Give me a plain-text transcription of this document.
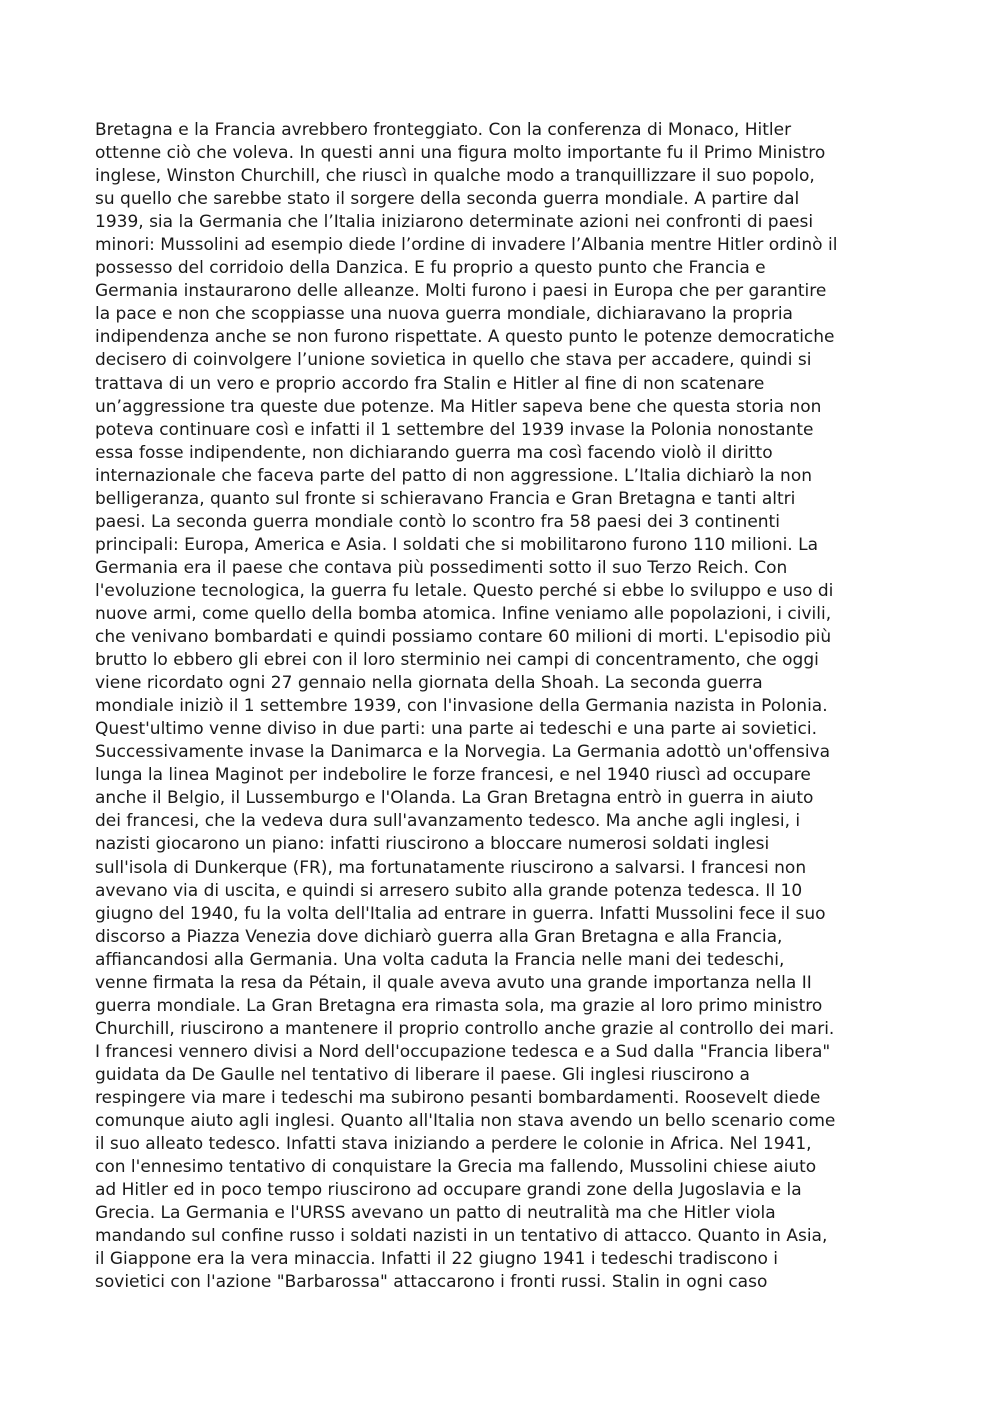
Bretagna e la Francia avrebbero fronteggiato. Con la conferenza di Monaco, Hitler
ottenne ciò che voleva. In questi anni una figura molto importante fu il Primo Ministro
inglese, Winston Churchill, che riuscì in qualche modo a tranquillizzare il suo popolo,
su quello che sarebbe stato il sorgere della seconda guerra mondiale. A partire dal
1939, sia la Germania che l’Italia iniziarono determinate azioni nei confronti di paesi
minori: Mussolini ad esempio diede l’ordine di invadere l’Albania mentre Hitler ordinò il
possesso del corridoio della Danzica. E fu proprio a questo punto che Francia e
Germania instaurarono delle alleanze. Molti furono i paesi in Europa che per garantire
la pace e non che scoppiasse una nuova guerra mondiale, dichiaravano la propria
indipendenza anche se non furono rispettate. A questo punto le potenze democratiche
decisero di coinvolgere l’unione sovietica in quello che stava per accadere, quindi si
trattava di un vero e proprio accordo fra Stalin e Hitler al fine di non scatenare
un’aggressione tra queste due potenze. Ma Hitler sapeva bene che questa storia non
poteva continuare così e infatti il 1 settembre del 1939 invase la Polonia nonostante
essa fosse indipendente, non dichiarando guerra ma così facendo violò il diritto
internazionale che faceva parte del patto di non aggressione. L’Italia dichiarò la non
belligeranza, quanto sul fronte si schieravano Francia e Gran Bretagna e tanti altri
paesi. La seconda guerra mondiale contò lo scontro fra 58 paesi dei 3 continenti
principali: Europa, America e Asia. I soldati che si mobilitarono furono 110 milioni. La
Germania era il paese che contava più possedimenti sotto il suo Terzo Reich. Con
l'evoluzione tecnologica, la guerra fu letale. Questo perché si ebbe lo sviluppo e uso di
nuove armi, come quello della bomba atomica. Infine veniamo alle popolazioni, i civili,
che venivano bombardati e quindi possiamo contare 60 milioni di morti. L'episodio più
brutto lo ebbero gli ebrei con il loro sterminio nei campi di concentramento, che oggi
viene ricordato ogni 27 gennaio nella giornata della Shoah. La seconda guerra
mondiale iniziò il 1 settembre 1939, con l'invasione della Germania nazista in Polonia.
Quest'ultimo venne diviso in due parti: una parte ai tedeschi e una parte ai sovietici.
Successivamente invase la Danimarca e la Norvegia. La Germania adottò un'offensiva
lunga la linea Maginot per indebolire le forze francesi, e nel 1940 riuscì ad occupare
anche il Belgio, il Lussemburgo e l'Olanda. La Gran Bretagna entrò in guerra in aiuto
dei francesi, che la vedeva dura sull'avanzamento tedesco. Ma anche agli inglesi, i
nazisti giocarono un piano: infatti riuscirono a bloccare numerosi soldati inglesi
sull'isola di Dunkerque (FR), ma fortunatamente riuscirono a salvarsi. I francesi non
avevano via di uscita, e quindi si arresero subito alla grande potenza tedesca. Il 10
giugno del 1940, fu la volta dell'Italia ad entrare in guerra. Infatti Mussolini fece il suo
discorso a Piazza Venezia dove dichiarò guerra alla Gran Bretagna e alla Francia,
affiancandosi alla Germania. Una volta caduta la Francia nelle mani dei tedeschi,
venne firmata la resa da Pétain, il quale aveva avuto una grande importanza nella II
guerra mondiale. La Gran Bretagna era rimasta sola, ma grazie al loro primo ministro
Churchill, riuscirono a mantenere il proprio controllo anche grazie al controllo dei mari.
I francesi vennero divisi a Nord dell'occupazione tedesca e a Sud dalla "Francia libera"
guidata da De Gaulle nel tentativo di liberare il paese. Gli inglesi riuscirono a
respingere via mare i tedeschi ma subirono pesanti bombardamenti. Roosevelt diede
comunque aiuto agli inglesi. Quanto all'Italia non stava avendo un bello scenario come
il suo alleato tedesco. Infatti stava iniziando a perdere le colonie in Africa. Nel 1941,
con l'ennesimo tentativo di conquistare la Grecia ma fallendo, Mussolini chiese aiuto
ad Hitler ed in poco tempo riuscirono ad occupare grandi zone della Jugoslavia e la
Grecia. La Germania e l'URSS avevano un patto di neutralità ma che Hitler viola
mandando sul confine russo i soldati nazisti in un tentativo di attacco. Quanto in Asia,
il Giappone era la vera minaccia. Infatti il 22 giugno 1941 i tedeschi tradiscono i
sovietici con l'azione "Barbarossa" attaccarono i fronti russi. Stalin in ogni caso
